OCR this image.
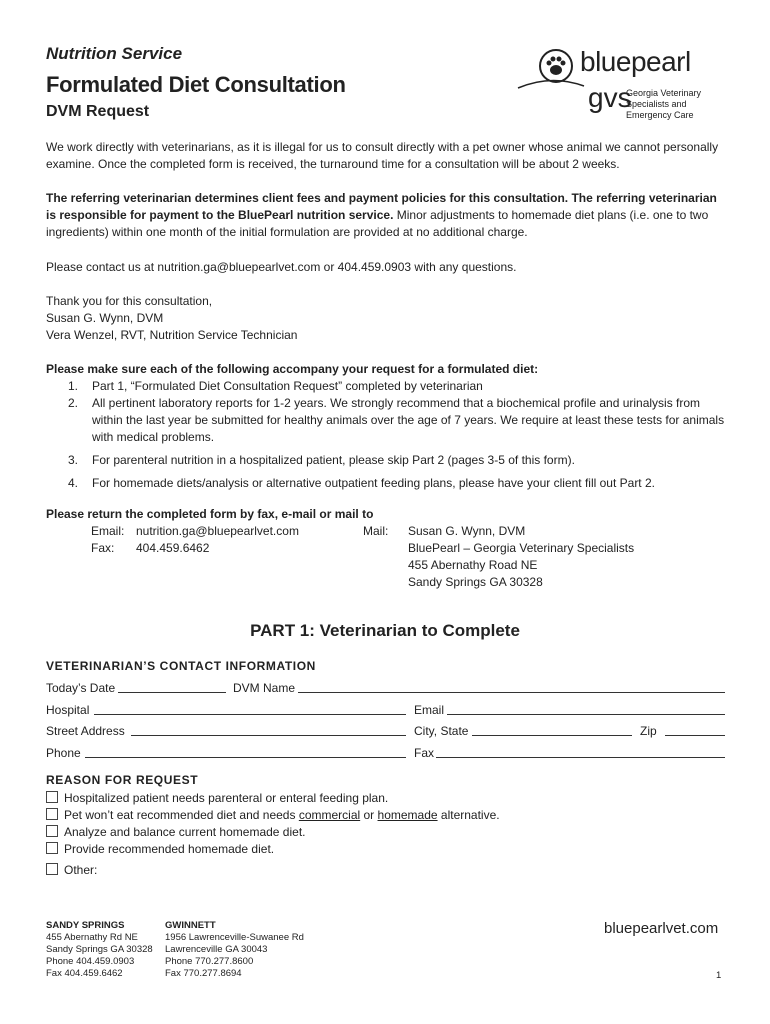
Nutrition Service
Formulated Diet Consultation
DVM Request
bluepearl
gvs
Georgia Veterinary
Specialists and
Emergency Care
We work directly with veterinarians, as it is illegal for us to consult directly with a pet owner whose animal we cannot personally examine. Once the completed form is received, the turnaround time for a consultation will be about 2 weeks.
The referring veterinarian determines client fees and payment policies for this consultation. The referring veterinarian is responsible for payment to the BluePearl nutrition service. Minor adjustments to homemade diet plans (i.e. one to two ingredients) within one month of the initial formulation are provided at no additional charge.
Please contact us at nutrition.ga@bluepearlvet.com or 404.459.0903 with any questions.
Thank you for this consultation,
Susan G. Wynn, DVM
Vera Wenzel, RVT, Nutrition Service Technician
Please make sure each of the following accompany your request for a formulated diet:
1. Part 1, “Formulated Diet Consultation Request” completed by veterinarian
2. All pertinent laboratory reports for 1-2 years. We strongly recommend that a biochemical profile and urinalysis from within the last year be submitted for healthy animals over the age of 7 years. We require at least these tests for animals with medical problems.
3. For parenteral nutrition in a hospitalized patient, please skip Part 2 (pages 3-5 of this form).
4. For homemade diets/analysis or alternative outpatient feeding plans, please have your client fill out Part 2.
Please return the completed form by fax, e-mail or mail to
Email: nutrition.ga@bluepearlvet.com
Fax: 404.459.6462
Mail: Susan G. Wynn, DVM
BluePearl – Georgia Veterinary Specialists
455 Abernathy Road NE
Sandy Springs GA 30328
PART 1: Veterinarian to Complete
VETERINARIAN’S CONTACT INFORMATION
Today’s Date	DVM Name
Hospital	Email
Street Address	City, State	Zip
Phone	Fax
REASON FOR REQUEST
Hospitalized patient needs parenteral or enteral feeding plan.
Pet won’t eat recommended diet and needs commercial or homemade alternative.
Analyze and balance current homemade diet.
Provide recommended homemade diet.
Other:
SANDY SPRINGS
455 Abernathy Rd NE
Sandy Springs GA 30328
Phone 404.459.0903
Fax 404.459.6462
GWINNETT
1956 Lawrenceville-Suwanee Rd
Lawrenceville GA 30043
Phone 770.277.8600
Fax 770.277.8694
bluepearlvet.com
1
